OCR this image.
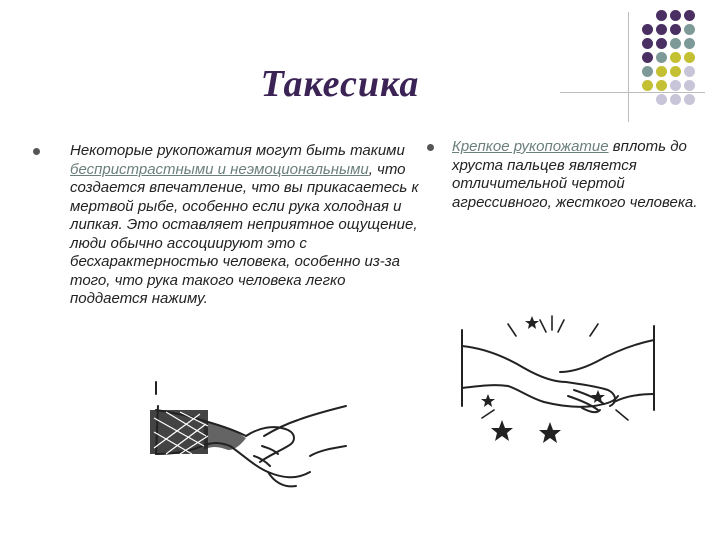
Такесика
Некоторые рукопожатия могут быть такими беспристрастными и неэмоциональными, что создается впечатление, что вы прикасаетесь к мертвой рыбе, особенно если рука холодная и липкая. Это оставляет неприятное ощущение, люди обычно ассоциируют это с бесхарактерностью человека, особенно из-за того, что рука такого человека легко поддается нажиму.
Крепкое рукопожатие вплоть до хруста пальцев является отличительной чертой агрессивного, жесткого человека.
